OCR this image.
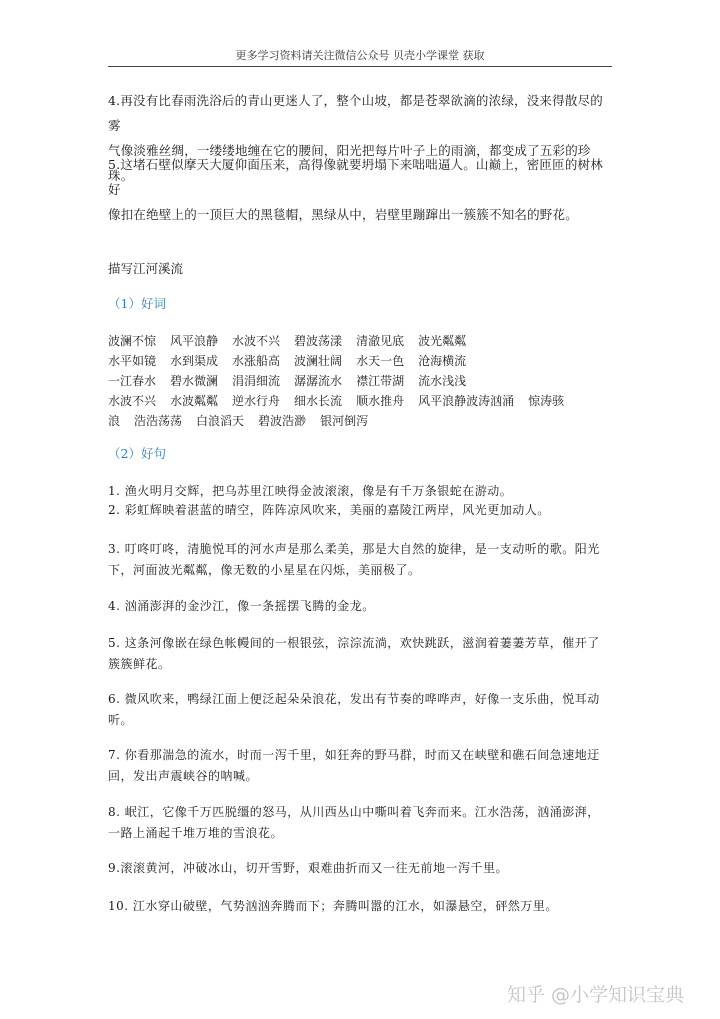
更多学习资料请关注微信公众号 贝壳小学课堂 获取
4.再没有比春雨洗浴后的青山更迷人了，整个山坡，都是苍翠欲滴的浓绿，没来得散尽的雾
气像淡雅丝绸，一缕缕地缠在它的腰间，阳光把每片叶子上的雨滴，都变成了五彩的珍珠。
5.这堵石壁似摩天大厦仰面压来，高得像就要坍塌下来咄咄逼人。山巅上，密匝匝的树林好
像扣在绝壁上的一顶巨大的黑毯帽，黑绿从中，岩壁里蹦蹿出一簇簇不知名的野花。
描写江河溪流
（1）好词
波澜不惊 风平浪静 水波不兴 碧波荡漾 清澈见底 波光粼粼
水平如镜 水到渠成 水涨船高 波澜壮阔 水天一色 沧海横流
一江春水 碧水微澜 涓涓细流 潺潺流水 襟江带湖 流水浅浅
水波不兴 水波粼粼 逆水行舟 细水长流 顺水推舟 风平浪静波涛汹涌 惊涛骇
浪 浩浩荡荡 白浪滔天 碧波浩渺 银河倒泻
（2）好句
1. 渔火明月交辉，把乌苏里江映得金波滚滚，像是有千万条银蛇在游动。
2. 彩虹辉映着湛蓝的晴空，阵阵凉风吹来，美丽的嘉陵江两岸，风光更加动人。
3. 叮咚叮咚，清脆悦耳的河水声是那么柔美，那是大自然的旋律，是一支动听的歌。阳光
下，河面波光粼粼，像无数的小星星在闪烁，美丽极了。
4. 汹涌澎湃的金沙江，像一条摇摆飞腾的金龙。
5. 这条河像嵌在绿色帐幔间的一根银弦，淙淙流淌，欢快跳跃，滋润着萋萋芳草，催开了
簇簇鲜花。
6. 微风吹来，鸭绿江面上便泛起朵朵浪花，发出有节奏的哗哗声，好像一支乐曲，悦耳动
听。
7. 你看那湍急的流水，时而一泻千里，如狂奔的野马群，时而又在峡壁和礁石间急速地迂
回，发出声震峡谷的呐喊。
8. 岷江，它像千万匹脱缰的怒马，从川西丛山中嘶叫着飞奔而来。江水浩荡，汹涌澎湃，
一路上涌起千堆万堆的雪浪花。
9.滚滚黄河，冲破冰山，切开雪野，艰难曲折而又一往无前地一泻千里。
10. 江水穿山破壁，气势汹汹奔腾而下；奔腾叫嚣的江水，如瀑悬空，砰然万里。
知乎 @小学知识宝典
